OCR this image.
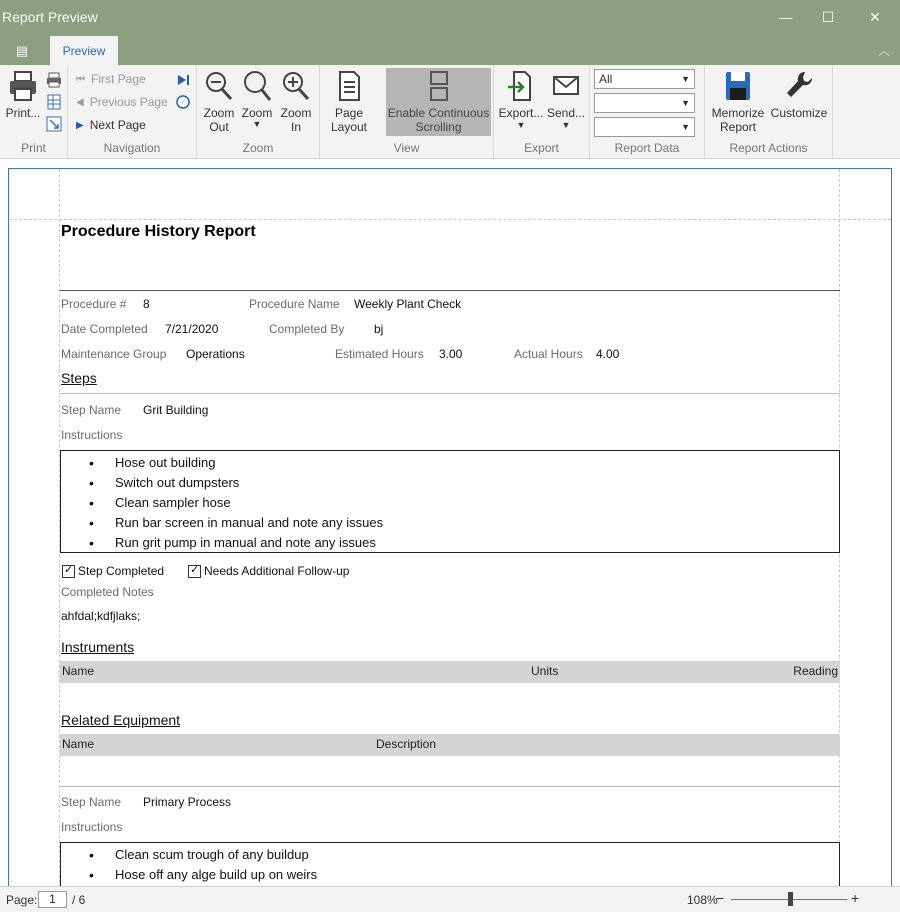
Report Preview	— ☐ ✕
▤	Preview	︿
Print...
Print
⏮ First Page
◀ Previous Page
▶ Next Page
Navigation
Zoom Out
Zoom
▼
Zoom In
Zoom
Page Layout
Enable Continuous Scrolling
View
Export...
▼
Send...
▼
Export
All	▼
▼
▼
Report Data
Memorize Report
Customize
Report Actions
Procedure History Report
Procedure # 8	Procedure Name Weekly Plant Check
Date Completed 7/21/2020	Completed By bj
Maintenance Group Operations	Estimated Hours 3.00	Actual Hours 4.00
Steps
Step Name Grit Building
Instructions
• Hose out building
• Switch out dumpsters
• Clean sampler hose
• Run bar screen in manual and note any issues
• Run grit pump in manual and note any issues
✓
Step Completed
✓	Needs Additional Follow-up
Completed Notes
ahfdal;kdfjlaks;
Instruments
Name	Units	Reading
Related Equipment
Name	Description
Step Name Primary Process
Instructions
• Clean scum trough of any buildup
• Hose off any alge build up on weirs
Page: 1	/ 6	108%
−	+
